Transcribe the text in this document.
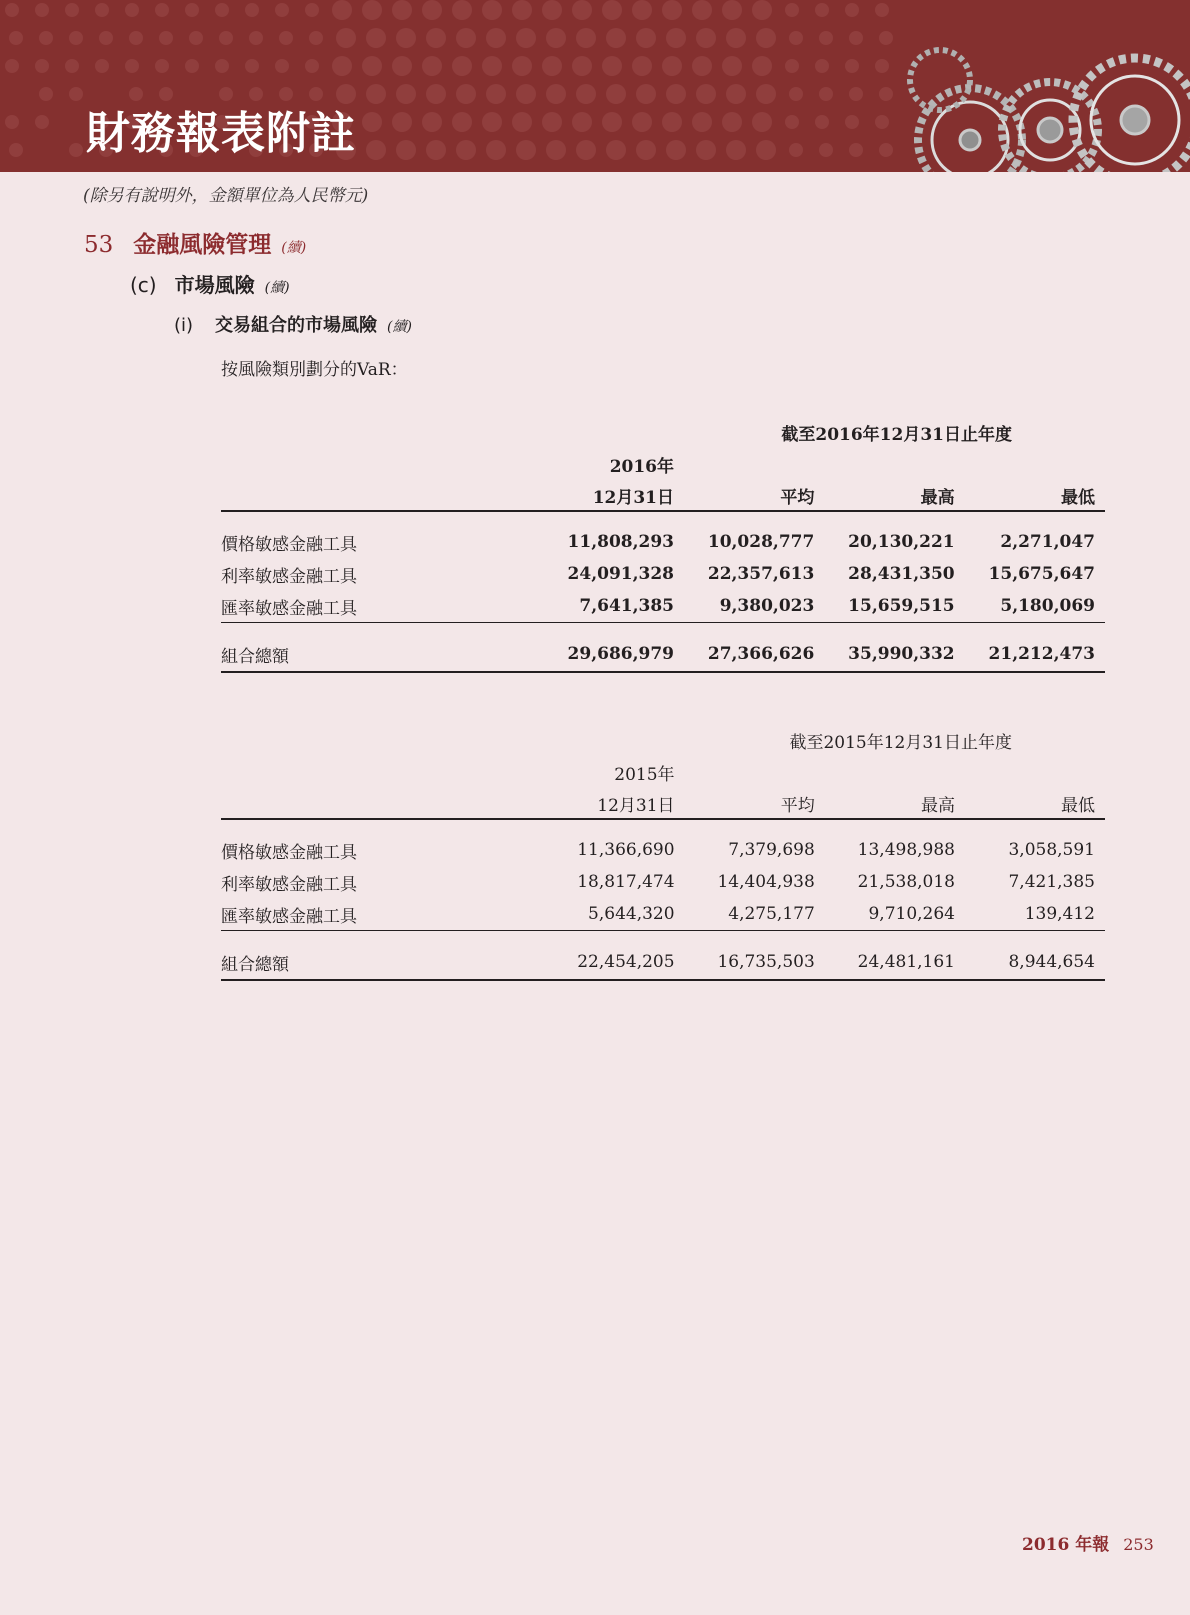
財務報表附註
(除另有說明外，金額單位為人民幣元)
53 金融風險管理 (續)
(c) 市場風險 (續)
(i) 交易組合的市場風險 (續)
按風險類別劃分的VaR：
		截至2016年12月31日止年度		
	2016年			
	12月31日	平均	最高	最低

價格敏感金融工具	11,808,293	10,028,777	20,130,221	2,271,047
利率敏感金融工具	24,091,328	22,357,613	28,431,350	15,675,647
匯率敏感金融工具	7,641,385	9,380,023	15,659,515	5,180,069

組合總額	29,686,979	27,366,626	35,990,332	21,212,473
		截至2015年12月31日止年度		
	2015年			
	12月31日	平均	最高	最低

價格敏感金融工具	11,366,690	7,379,698	13,498,988	3,058,591
利率敏感金融工具	18,817,474	14,404,938	21,538,018	7,421,385
匯率敏感金融工具	5,644,320	4,275,177	9,710,264	139,412

組合總額	22,454,205	16,735,503	24,481,161	8,944,654
2016 年報 253
